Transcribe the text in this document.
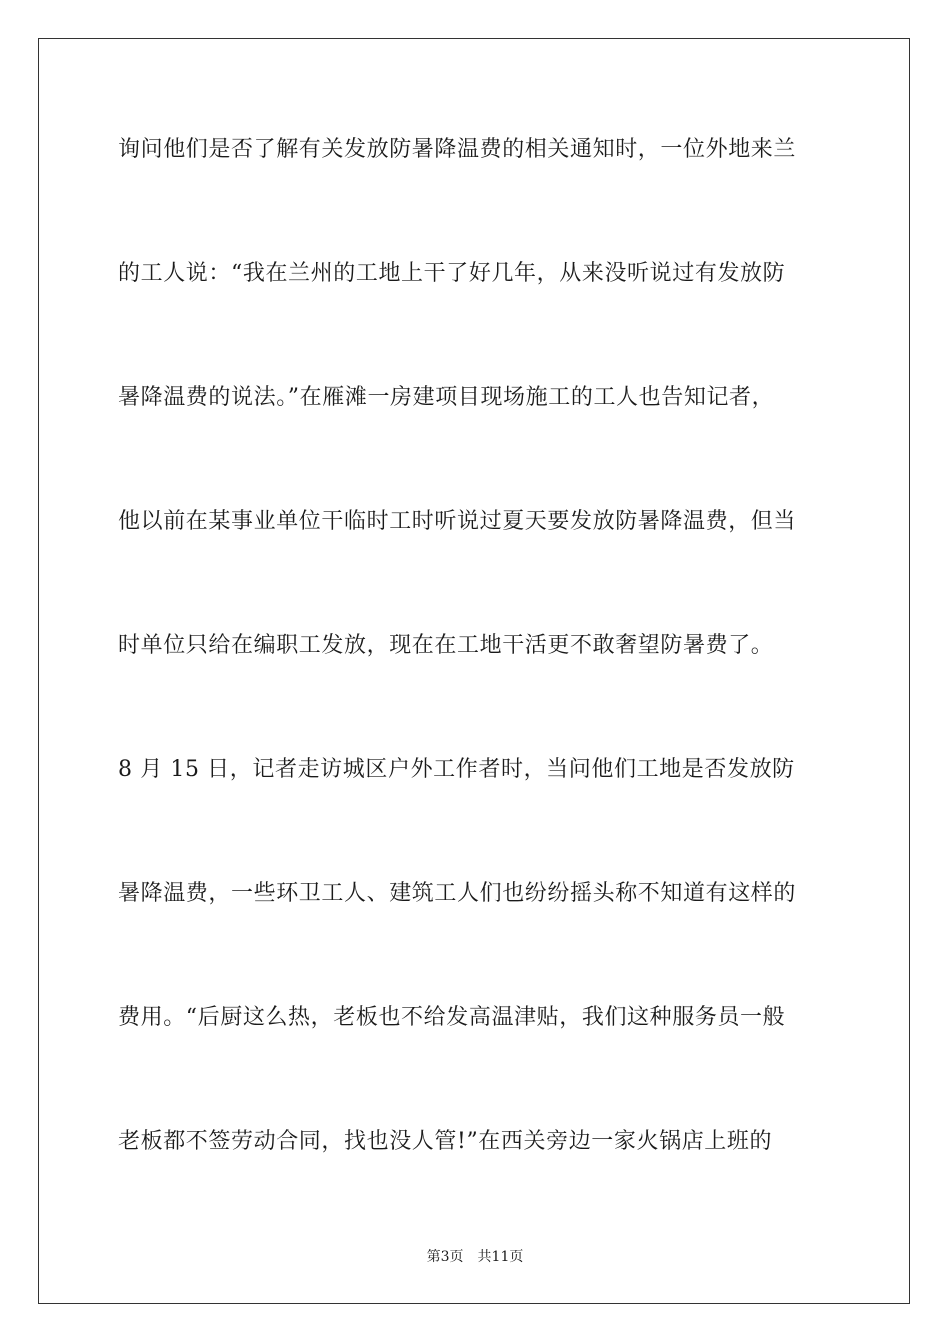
询问他们是否了解有关发放防暑降温费的相关通知时，一位外地来兰
的工人说：“我在兰州的工地上干了好几年，从来没听说过有发放防
暑降温费的说法。”在雁滩一房建项目现场施工的工人也告知记者，
他以前在某事业单位干临时工时听说过夏天要发放防暑降温费，但当
时单位只给在编职工发放，现在在工地干活更不敢奢望防暑费了。
8 月 15 日，记者走访城区户外工作者时，当问他们工地是否发放防
暑降温费，一些环卫工人、建筑工人们也纷纷摇头称不知道有这样的
费用。“后厨这么热，老板也不给发高温津贴，我们这种服务员一般
老板都不签劳动合同，找也没人管!”在西关旁边一家火锅店上班的
第3页 共11页
